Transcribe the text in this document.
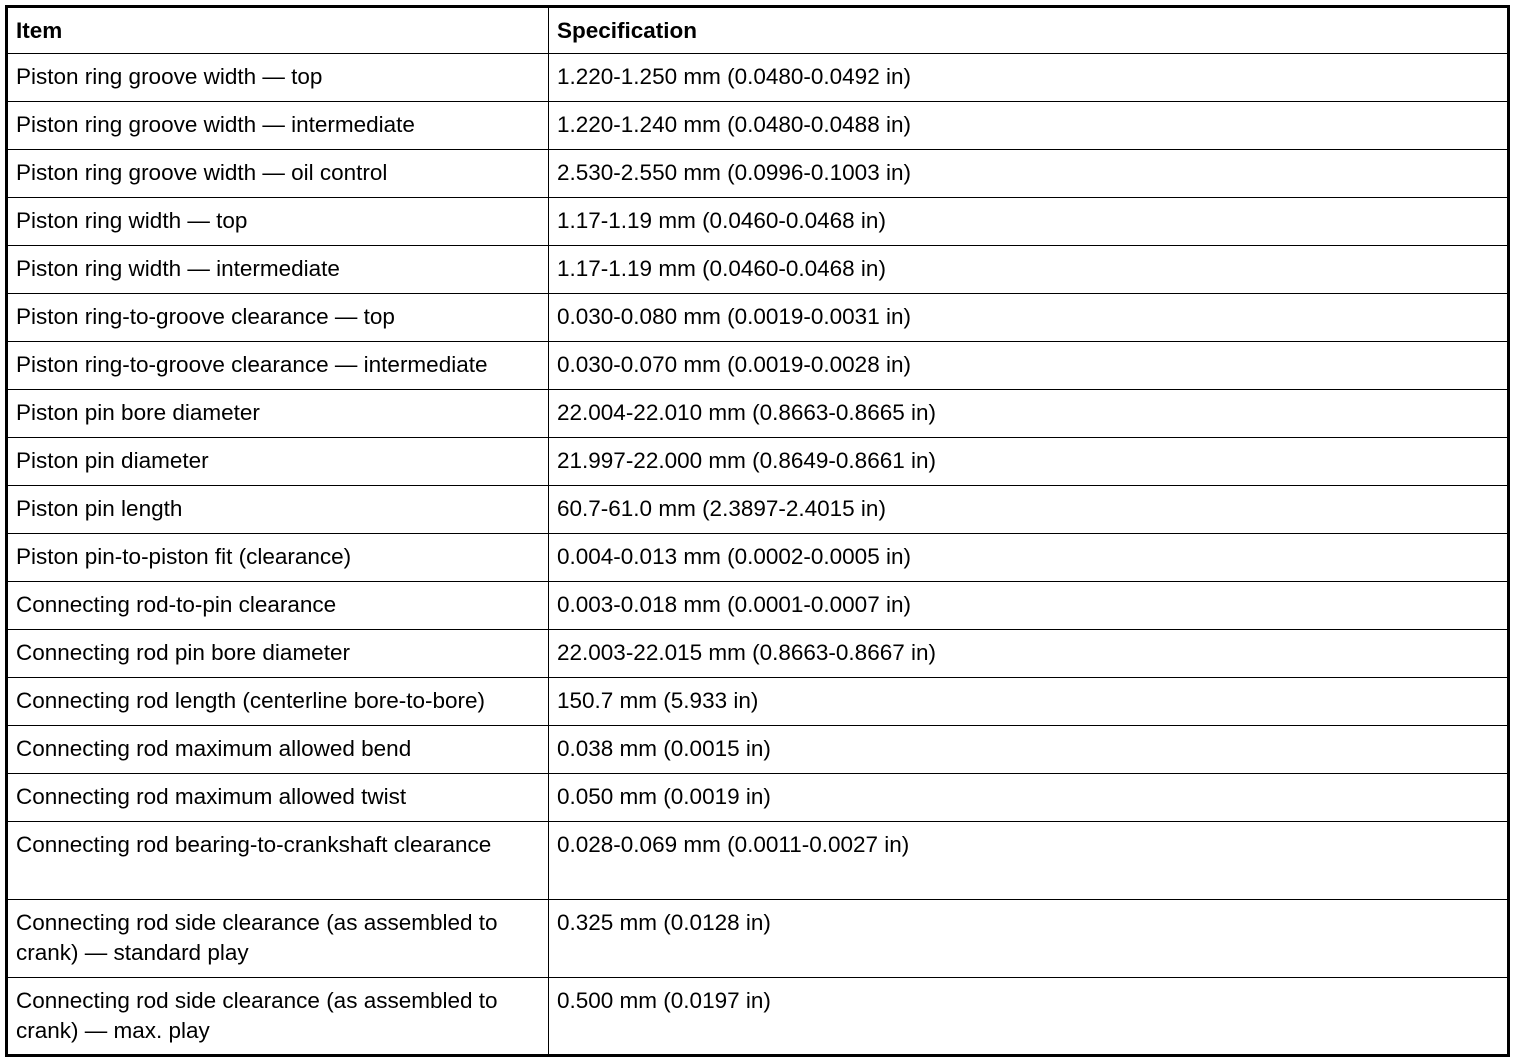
Item	Specification
Piston ring groove width — top	1.220-1.250 mm (0.0480-0.0492 in)
Piston ring groove width — intermediate	1.220-1.240 mm (0.0480-0.0488 in)
Piston ring groove width — oil control	2.530-2.550 mm (0.0996-0.1003 in)
Piston ring width — top	1.17-1.19 mm (0.0460-0.0468 in)
Piston ring width — intermediate	1.17-1.19 mm (0.0460-0.0468 in)
Piston ring-to-groove clearance — top	0.030-0.080 mm (0.0019-0.0031 in)
Piston ring-to-groove clearance — intermediate	0.030-0.070 mm (0.0019-0.0028 in)
Piston pin bore diameter	22.004-22.010 mm (0.8663-0.8665 in)
Piston pin diameter	21.997-22.000 mm (0.8649-0.8661 in)
Piston pin length	60.7-61.0 mm (2.3897-2.4015 in)
Piston pin-to-piston fit (clearance)	0.004-0.013 mm (0.0002-0.0005 in)
Connecting rod-to-pin clearance	0.003-0.018 mm (0.0001-0.0007 in)
Connecting rod pin bore diameter	22.003-22.015 mm (0.8663-0.8667 in)
Connecting rod length (centerline bore-to-bore)	150.7 mm (5.933 in)
Connecting rod maximum allowed bend	0.038 mm (0.0015 in)
Connecting rod maximum allowed twist	0.050 mm (0.0019 in)
Connecting rod bearing-to-crankshaft clearance	0.028-0.069 mm (0.0011-0.0027 in)
Connecting rod side clearance (as assembled to crank) — standard play	0.325 mm (0.0128 in)
Connecting rod side clearance (as assembled to crank) — max. play	0.500 mm (0.0197 in)
